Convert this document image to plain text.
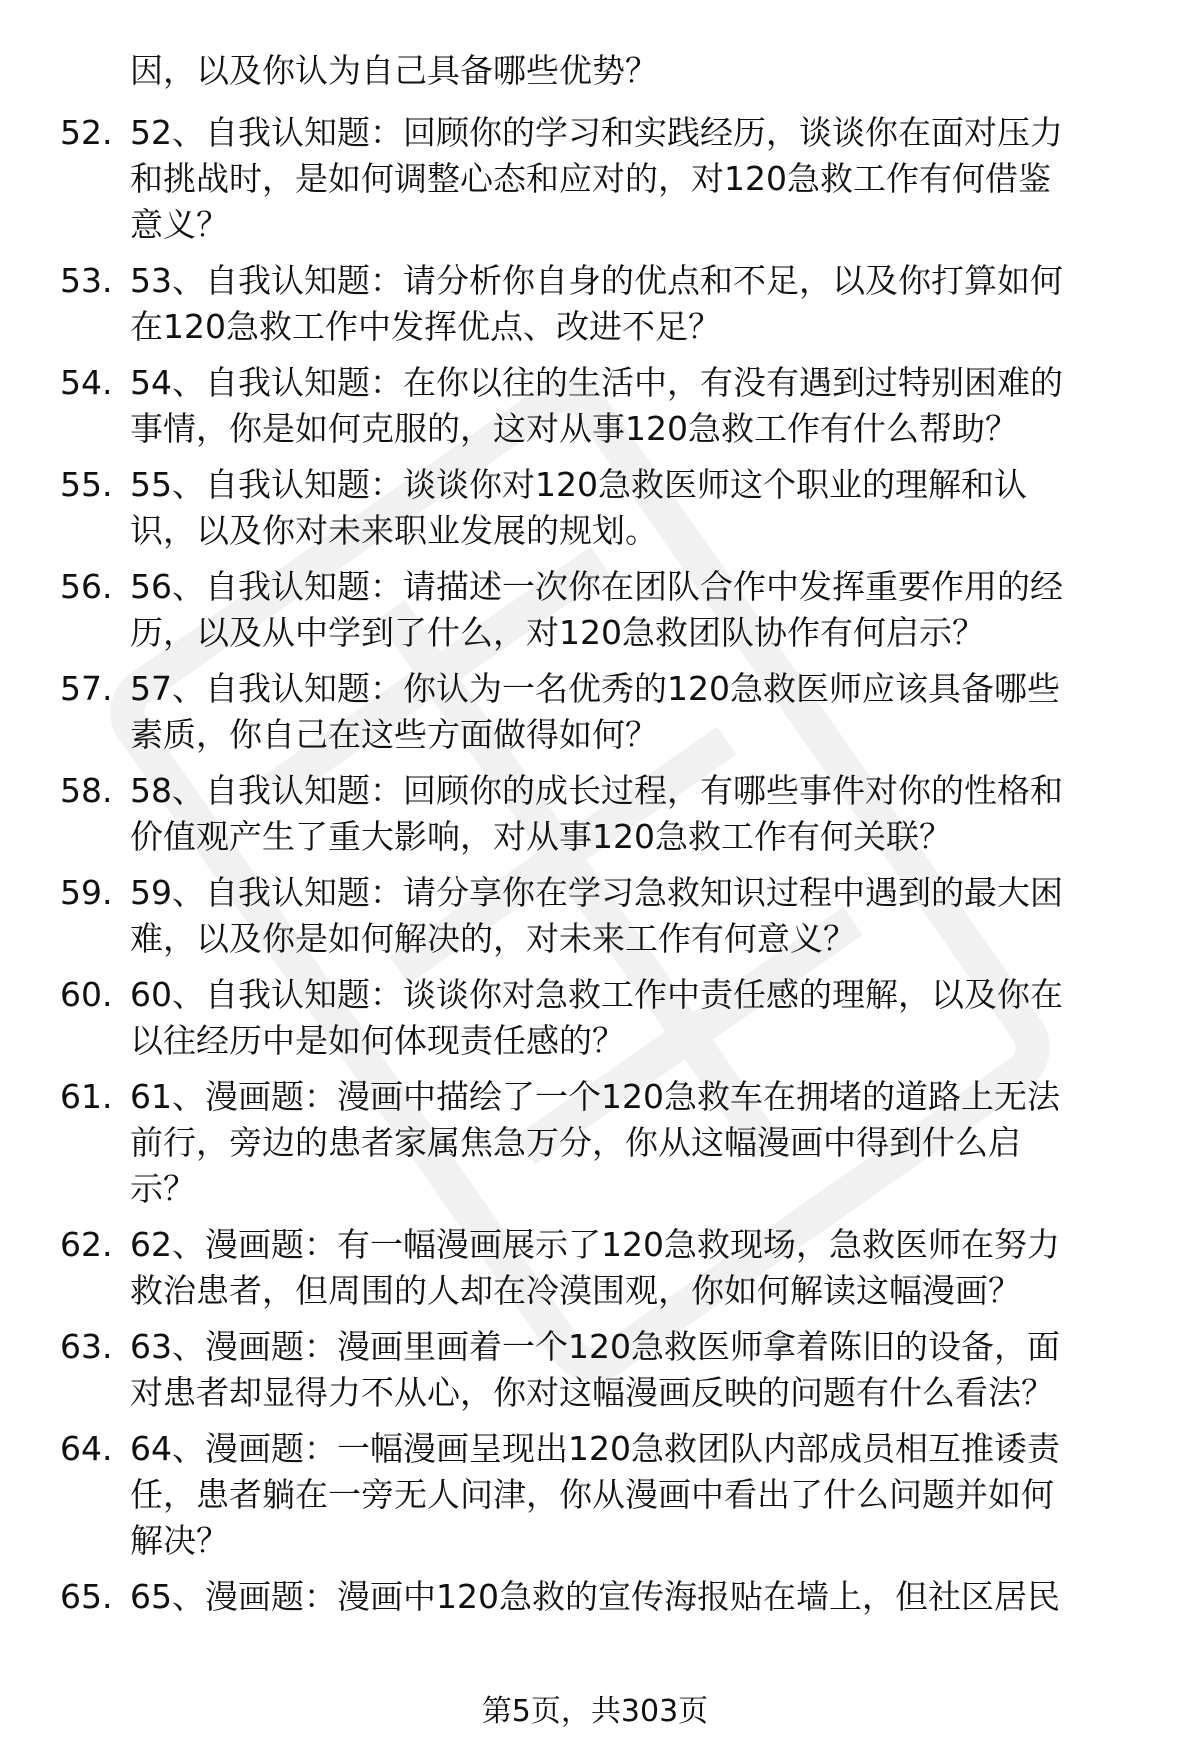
因，以及你认为自己具备哪些优势？
52. 52、自我认知题：回顾你的学习和实践经历，谈谈你在面对压力
和挑战时，是如何调整心态和应对的，对120急救工作有何借鉴
意义？
53. 53、自我认知题：请分析你自身的优点和不足，以及你打算如何
在120急救工作中发挥优点、改进不足？
54. 54、自我认知题：在你以往的生活中，有没有遇到过特别困难的
事情，你是如何克服的，这对从事120急救工作有什么帮助？
55. 55、自我认知题：谈谈你对120急救医师这个职业的理解和认
识，以及你对未来职业发展的规划。
56. 56、自我认知题：请描述一次你在团队合作中发挥重要作用的经
历，以及从中学到了什么，对120急救团队协作有何启示？
57. 57、自我认知题：你认为一名优秀的120急救医师应该具备哪些
素质，你自己在这些方面做得如何？
58. 58、自我认知题：回顾你的成长过程，有哪些事件对你的性格和
价值观产生了重大影响，对从事120急救工作有何关联？
59. 59、自我认知题：请分享你在学习急救知识过程中遇到的最大困
难，以及你是如何解决的，对未来工作有何意义？
60. 60、自我认知题：谈谈你对急救工作中责任感的理解，以及你在
以往经历中是如何体现责任感的？
61. 61、漫画题：漫画中描绘了一个120急救车在拥堵的道路上无法
前行，旁边的患者家属焦急万分，你从这幅漫画中得到什么启
示？
62. 62、漫画题：有一幅漫画展示了120急救现场，急救医师在努力
救治患者，但周围的人却在冷漠围观，你如何解读这幅漫画？
63. 63、漫画题：漫画里画着一个120急救医师拿着陈旧的设备，面
对患者却显得力不从心，你对这幅漫画反映的问题有什么看法？
64. 64、漫画题：一幅漫画呈现出120急救团队内部成员相互推诿责
任，患者躺在一旁无人问津，你从漫画中看出了什么问题并如何
解决？
65. 65、漫画题：漫画中120急救的宣传海报贴在墙上，但社区居民
第5页，共303页
